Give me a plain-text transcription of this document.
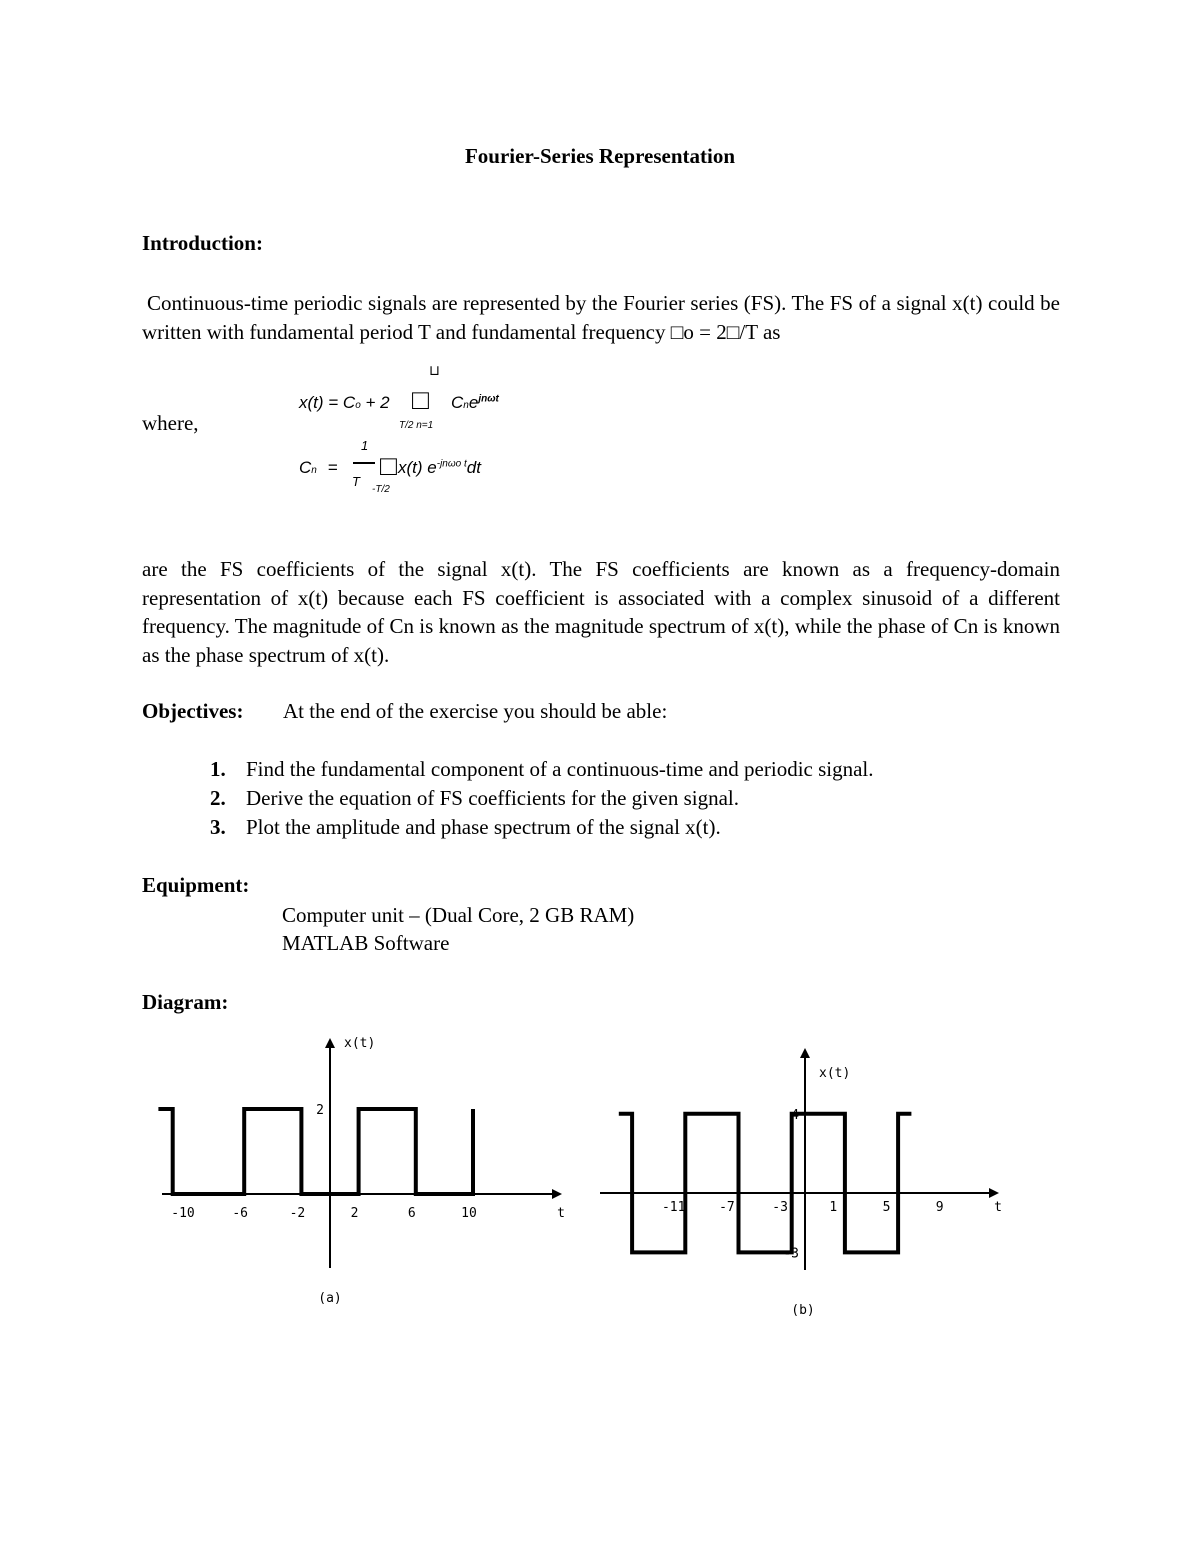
Fourier-Series Representation
Introduction:
Continuous-time periodic signals are represented by the Fourier series (FS). The FS of a signal x(t) could be written with fundamental period T and fundamental frequency □o = 2□/T as
⊔
where,
x(t) = Co + 2 □
T/2 n=1
Cne$^{jn\omega t}$
Cn =
1
T
□
-T/2
x(t) $e^{-jn\omega o t}dt$
are the FS coefficients of the signal x(t). The FS coefficients are known as a frequency-domain representation of x(t) because each FS coefficient is associated with a complex sinusoid of a different frequency. The magnitude of Cn is known as the magnitude spectrum of x(t), while the phase of Cn is known as the phase spectrum of x(t).
Objectives: At the end of the exercise you should be able:
1. Find the fundamental component of a continuous-time and periodic signal.
2. Derive the equation of FS coefficients for the given signal.
3. Plot the amplitude and phase spectrum of the signal x(t).
Equipment:
Computer unit – (Dual Core, 2 GB RAM)
MATLAB Software
Diagram:
-10	-6	-2	2	6	10
2
t
x(t)
(a)
-11	-7	-3	1	5	9
4
-3
t
x(t)
(b)
